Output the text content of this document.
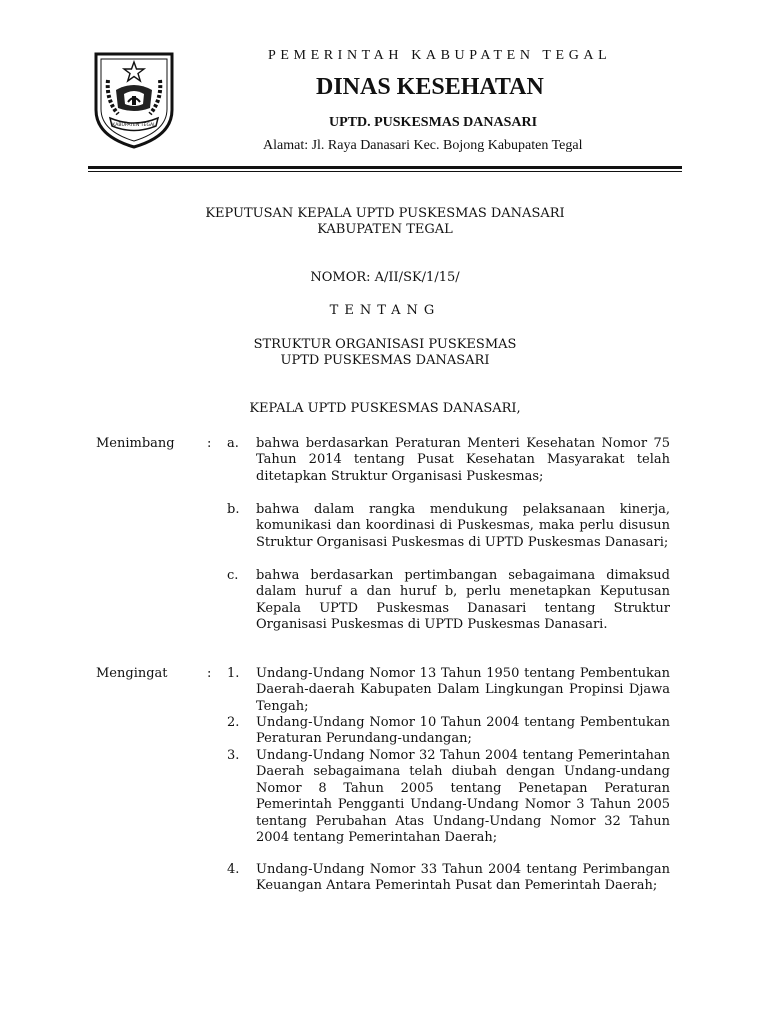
KABUPATEN TEGAL
PEMERINTAH KABUPATEN TEGAL
DINAS KESEHATAN
UPTD. PUSKESMAS DANASARI
Alamat: Jl. Raya Danasari Kec. Bojong Kabupaten Tegal
KEPUTUSAN KEPALA UPTD PUSKESMAS DANASARI
KABUPATEN TEGAL
NOMOR: A/II/SK/1/15/
TENTANG
STRUKTUR ORGANISASI PUSKESMAS
UPTD PUSKESMAS DANASARI
KEPALA UPTD PUSKESMAS DANASARI,
Menimbang : a. bahwa berdasarkan Peraturan Menteri Kesehatan Nomor 75 Tahun 2014 tentang Pusat Kesehatan Masyarakat telah ditetapkan Struktur Organisasi Puskesmas;
b. bahwa dalam rangka mendukung pelaksanaan kinerja, komunikasi dan koordinasi di Puskesmas, maka perlu disusun Struktur Organisasi Puskesmas di UPTD Puskesmas Danasari;
c. bahwa berdasarkan pertimbangan sebagaimana dimaksud dalam huruf a dan huruf b, perlu menetapkan Keputusan Kepala UPTD Puskesmas Danasari tentang Struktur Organisasi Puskesmas di UPTD Puskesmas Danasari.
Mengingat	: 1. Undang-Undang Nomor 13 Tahun 1950 tentang Pembentukan Daerah-daerah Kabupaten Dalam Lingkungan Propinsi Djawa Tengah;
2. Undang-Undang Nomor 10 Tahun 2004 tentang Pembentukan Peraturan Perundang-undangan;
3. Undang-Undang Nomor 32 Tahun 2004 tentang Pemerintahan Daerah sebagaimana telah diubah dengan Undang-undang Nomor 8 Tahun 2005 tentang Penetapan Peraturan Pemerintah Pengganti Undang-Undang Nomor 3 Tahun 2005 tentang Perubahan Atas Undang-Undang Nomor 32 Tahun 2004 tentang Pemerintahan Daerah;
4. Undang-Undang Nomor 33 Tahun 2004 tentang Perimbangan Keuangan Antara Pemerintah Pusat dan Pemerintah Daerah;
